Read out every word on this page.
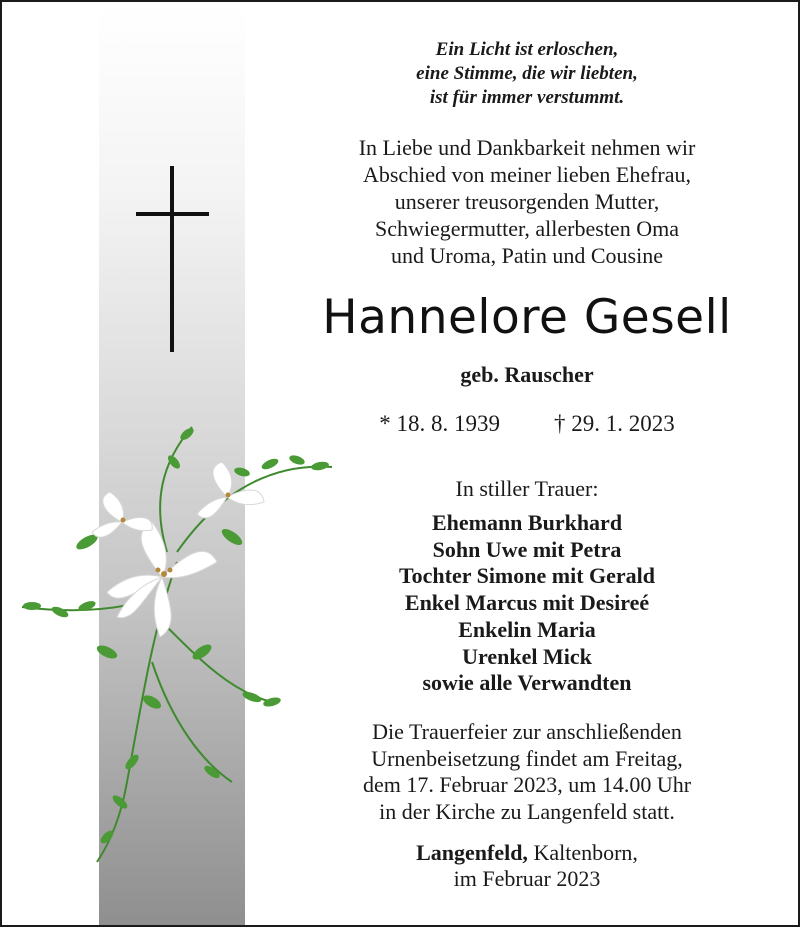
Ein Licht ist erloschen,
eine Stimme, die wir liebten,
ist für immer verstummt.
In Liebe und Dankbarkeit nehmen wir
Abschied von meiner lieben Ehefrau,
unserer treusorgenden Mutter,
Schwiegermutter, allerbesten Oma
und Uroma, Patin und Cousine
Hannelore Gesell
geb. Rauscher
* 18. 8. 1939 † 29. 1. 2023
In stiller Trauer:
Ehemann Burkhard
Sohn Uwe mit Petra
Tochter Simone mit Gerald
Enkel Marcus mit Desireé
Enkelin Maria
Urenkel Mick
sowie alle Verwandten
Die Trauerfeier zur anschließenden
Urnenbeisetzung findet am Freitag,
dem 17. Februar 2023, um 14.00 Uhr
in der Kirche zu Langenfeld statt.
Langenfeld, Kaltenborn,
im Februar 2023
